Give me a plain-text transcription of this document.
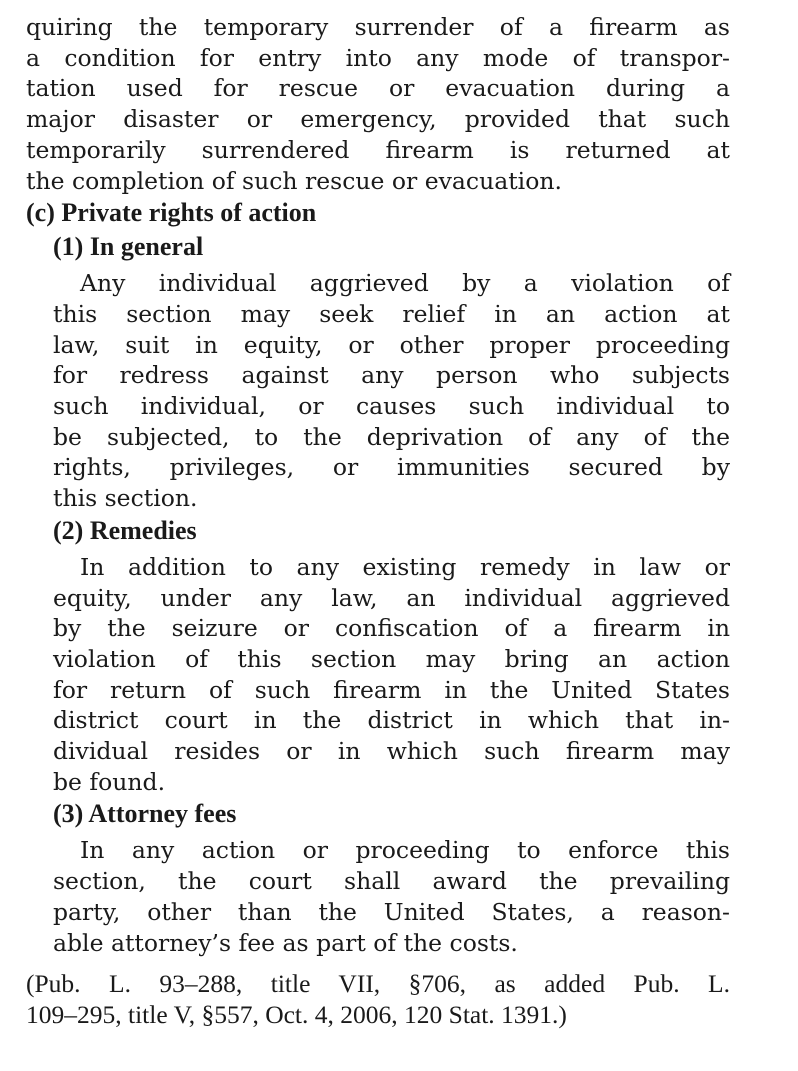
quiring the temporary surrender of a firearm as
a condition for entry into any mode of transpor-
tation used for rescue or evacuation during a
major disaster or emergency, provided that such
temporarily surrendered firearm is returned at
the completion of such rescue or evacuation.
(c) Private rights of action
(1) In general
Any individual aggrieved by a violation of
this section may seek relief in an action at
law, suit in equity, or other proper proceeding
for redress against any person who subjects
such individual, or causes such individual to
be subjected, to the deprivation of any of the
rights, privileges, or immunities secured by
this section.
(2) Remedies
In addition to any existing remedy in law or
equity, under any law, an individual aggrieved
by the seizure or confiscation of a firearm in
violation of this section may bring an action
for return of such firearm in the United States
district court in the district in which that in-
dividual resides or in which such firearm may
be found.
(3) Attorney fees
In any action or proceeding to enforce this
section, the court shall award the prevailing
party, other than the United States, a reason-
able attorney’s fee as part of the costs.
(Pub. L. 93–288, title VII, §706, as added Pub. L.
109–295, title V, §557, Oct. 4, 2006, 120 Stat. 1391.)
